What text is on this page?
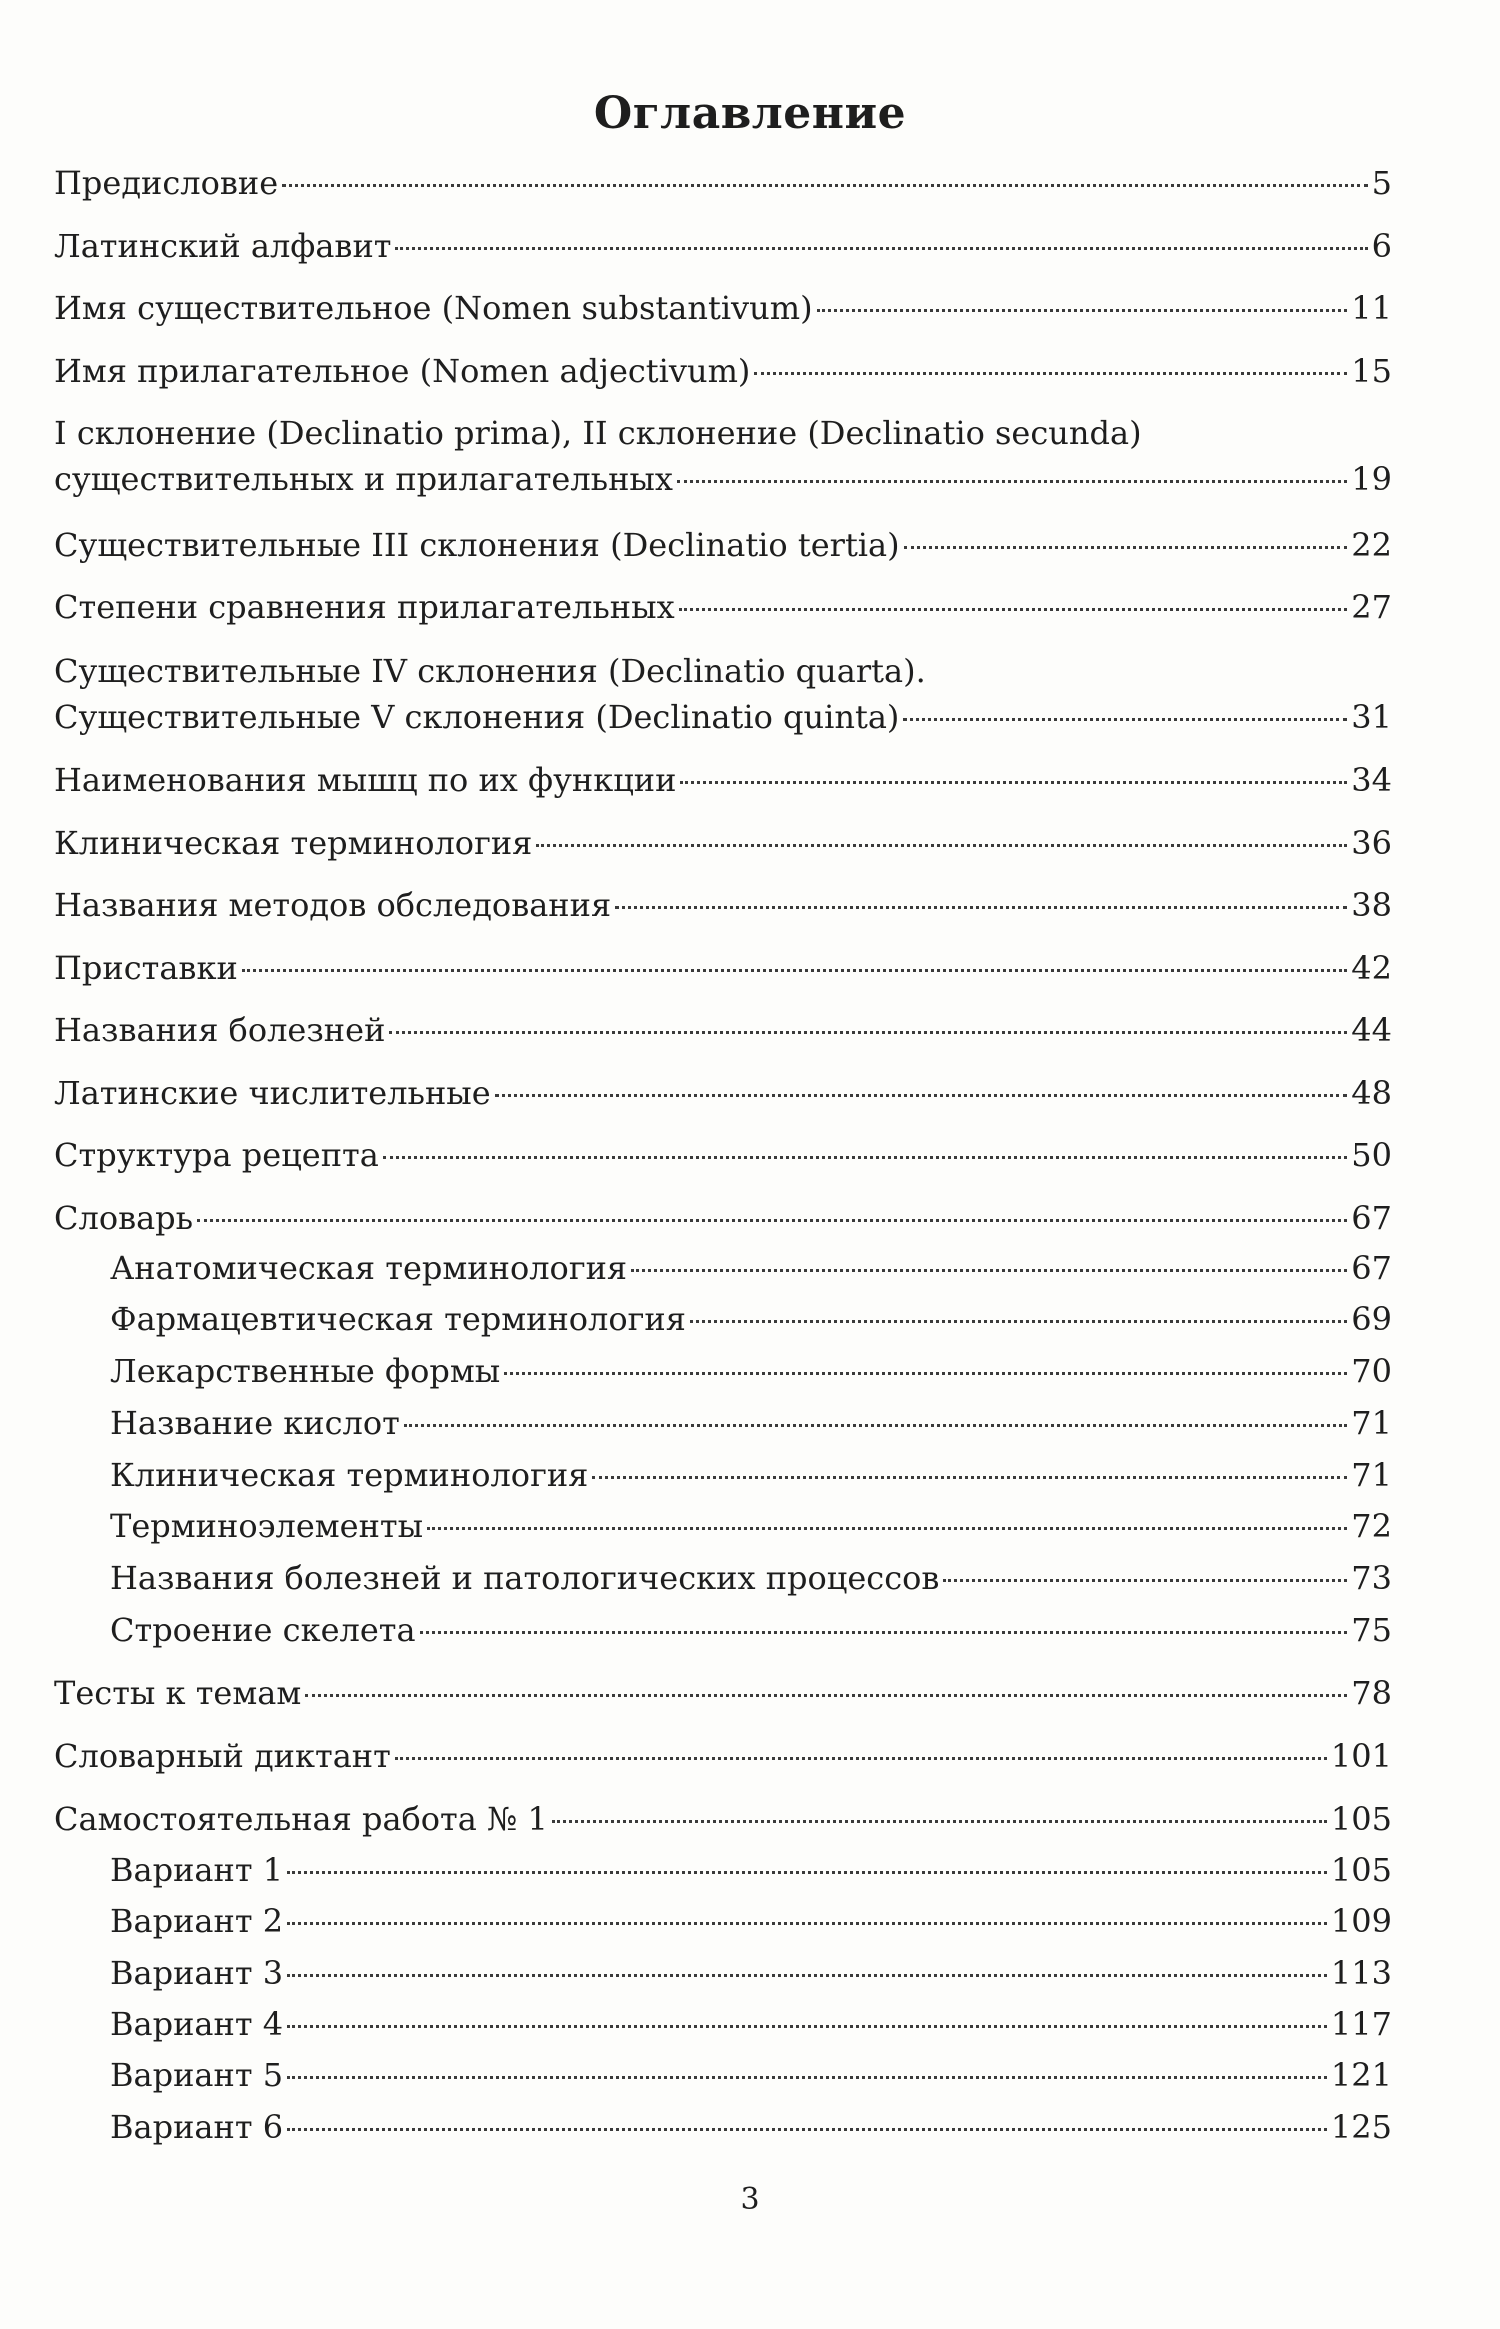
Оглавление
Предисловие	5
Латинский алфавит	6
Имя существительное (Nomen substantivum)	11
Имя прилагательное (Nomen adjectivum)	15
I склонение (Declinatio prima), II склонение (Declinatio secunda)
существительных и прилагательных	19
Существительные III склонения (Declinatio tertia)	22
Степени сравнения прилагательных	27
Существительные IV склонения (Declinatio quarta).
Существительные V склонения (Declinatio quinta)	31
Наименования мышц по их функции	34
Клиническая терминология	36
Названия методов обследования	38
Приставки	42
Названия болезней	44
Латинские числительные	48
Структура рецепта	50
Словарь	67
Анатомическая терминология	67
Фармацевтическая терминология	69
Лекарственные формы	70
Название кислот	71
Клиническая терминология	71
Терминоэлементы	72
Названия болезней и патологических процессов	73
Строение скелета	75
Тесты к темам	78
Словарный диктант	101
Самостоятельная работа № 1	105
Вариант 1	105
Вариант 2	109
Вариант 3	113
Вариант 4	117
Вариант 5	121
Вариант 6	125
3
